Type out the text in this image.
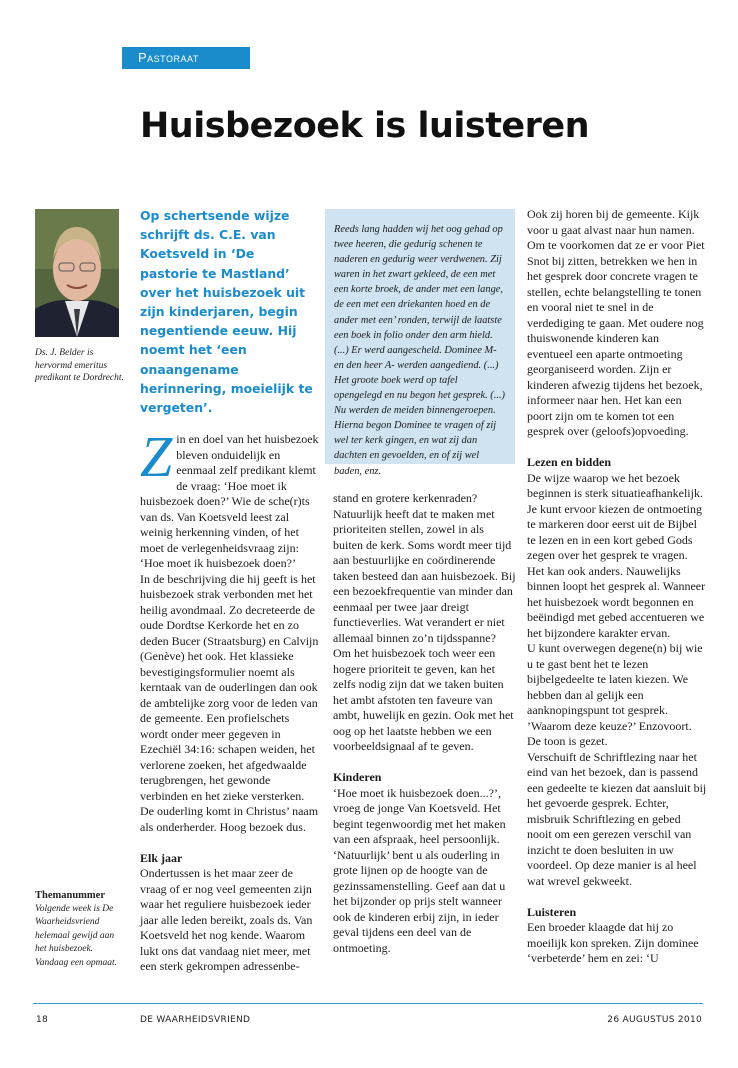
Pastoraat
Huisbezoek is luisteren
Ds. J. Belder is hervormd emeritus predikant te Dordrecht.
Op schertsende wijze schrijft ds. C.E. van Koetsveld in ‘De pastorie te Mastland’ over het huisbezoek uit zijn kinderjaren, begin negentiende eeuw. Hij noemt het ‘een onaangename herinnering, moeielijk te vergeten’.
Reeds lang hadden wij het oog gehad op twee heeren, die gedurig schenen te naderen en gedurig weer verdwenen. Zij waren in het zwart gekleed, de een met een korte broek, de ander met een lange, de een met een driekanten hoed en de ander met een’ ronden, terwijl de laatste een boek in folio onder den arm hield. (...) Er werd aangescheld. Dominee M- en den heer A- werden aangediend. (...) Het groote boek werd op tafel opengelegd en nu begon het gesprek. (...) Nu werden de meiden binnengeroepen. Hierna begon Dominee te vragen of zij wel ter kerk gingen, en wat zij dan dachten en gevoelden, en of zij wel baden, enz.
Z in en doel van het huisbezoek bleven onduidelijk en eenmaal zelf predikant klemt de vraag: ‘Hoe moet ik huisbezoek doen?’ Wie de sche(r)ts van ds. Van Koetsveld leest zal weinig herkenning vinden, of het moet de verlegenheidsvraag zijn: ‘Hoe moet ik huisbezoek doen?’

In de beschrijving die hij geeft is het huisbezoek strak verbonden met het heilig avondmaal. Zo decreteerde de oude Dordtse Kerkorde het en zo deden Bucer (Straatsburg) en Calvijn (Genève) het ook. Het klassieke bevestigingsformulier noemt als kerntaak van de ouderlingen dan ook de ambtelijke zorg voor de leden van de gemeente. Een profielschets wordt onder meer gegeven in Ezechiël 34:16: schapen weiden, het verlorene zoeken, het afgedwaalde terugbrengen, het gewonde verbinden en het zieke versterken. De ouderling komt in Christus’ naam als onderherder. Hoog bezoek dus.

Elk jaar

Ondertussen is het maar zeer de vraag of er nog veel gemeenten zijn waar het reguliere huisbezoek ieder jaar alle leden bereikt, zoals ds. Van Koetsveld het nog kende. Waarom lukt ons dat vandaag niet meer, met een sterk gekrompen adressenbe-

stand en grotere kerkenraden? Natuurlijk heeft dat te maken met prioriteiten stellen, zowel in als buiten de kerk. Soms wordt meer tijd aan bestuurlijke en coördinerende taken besteed dan aan huisbezoek. Bij een bezoekfrequentie van minder dan eenmaal per twee jaar dreigt functieverlies. Wat verandert er niet allemaal binnen zo’n tijdsspanne?

Om het huisbezoek toch weer een hogere prioriteit te geven, kan het zelfs nodig zijn dat we taken buiten het ambt afstoten ten faveure van ambt, huwelijk en gezin. Ook met het oog op het laatste hebben we een voorbeeldsignaal af te geven.

Kinderen

‘Hoe moet ik huisbezoek doen...?’, vroeg de jonge Van Koetsveld. Het begint tegenwoordig met het maken van een afspraak, heel persoonlijk. ‘Natuurlijk’ bent u als ouderling in grote lijnen op de hoogte van de gezinssamenstelling. Geef aan dat u het bijzonder op prijs stelt wanneer ook de kinderen erbij zijn, in ieder geval tijdens een deel van de ontmoeting.

Ook zij horen bij de gemeente. Kijk voor u gaat alvast naar hun namen. Om te voorkomen dat ze er voor Piet Snot bij zitten, betrekken we hen in het gesprek door concrete vragen te stellen, echte belangstelling te tonen en vooral niet te snel in de verdediging te gaan. Met oudere nog thuiswonende kinderen kan eventueel een aparte ontmoeting georganiseerd worden. Zijn er kinderen afwezig tijdens het bezoek, informeer naar hen. Het kan een poort zijn om te komen tot een gesprek over (geloofs)opvoeding.

Lezen en bidden

De wijze waarop we het bezoek beginnen is sterk situatieafhankelijk. Je kunt ervoor kiezen de ontmoeting te markeren door eerst uit de Bijbel te lezen en in een kort gebed Gods zegen over het gesprek te vragen. Het kan ook anders. Nauwelijks binnen loopt het gesprek al. Wanneer het huisbezoek wordt begonnen en beëindigd met gebed accentueren we het bijzondere karakter ervan.

U kunt overwegen degene(n) bij wie u te gast bent het te lezen bijbelgedeelte te laten kiezen. We hebben dan al gelijk een aanknopingspunt tot gesprek. ’Waarom deze keuze?’ Enzovoort. De toon is gezet.

Verschuift de Schriftlezing naar het eind van het bezoek, dan is passend een gedeelte te kiezen dat aansluit bij het gevoerde gesprek. Echter, misbruik Schriftlezing en gebed nooit om een gerezen verschil van inzicht te doen besluiten in uw voordeel. Op deze manier is al heel wat wrevel gekweekt.

Luisteren

Een broeder klaagde dat hij zo moeilijk kon spreken. Zijn dominee ‘verbeterde’ hem en zei: ‘U

Themanummer
Volgende week is De Waarheidsvriend helemaal gewijd aan het huisbezoek. Vandaag een opmaat.
18	DE WAARHEIDSVRIEND	26 AUGUSTUS 2010
